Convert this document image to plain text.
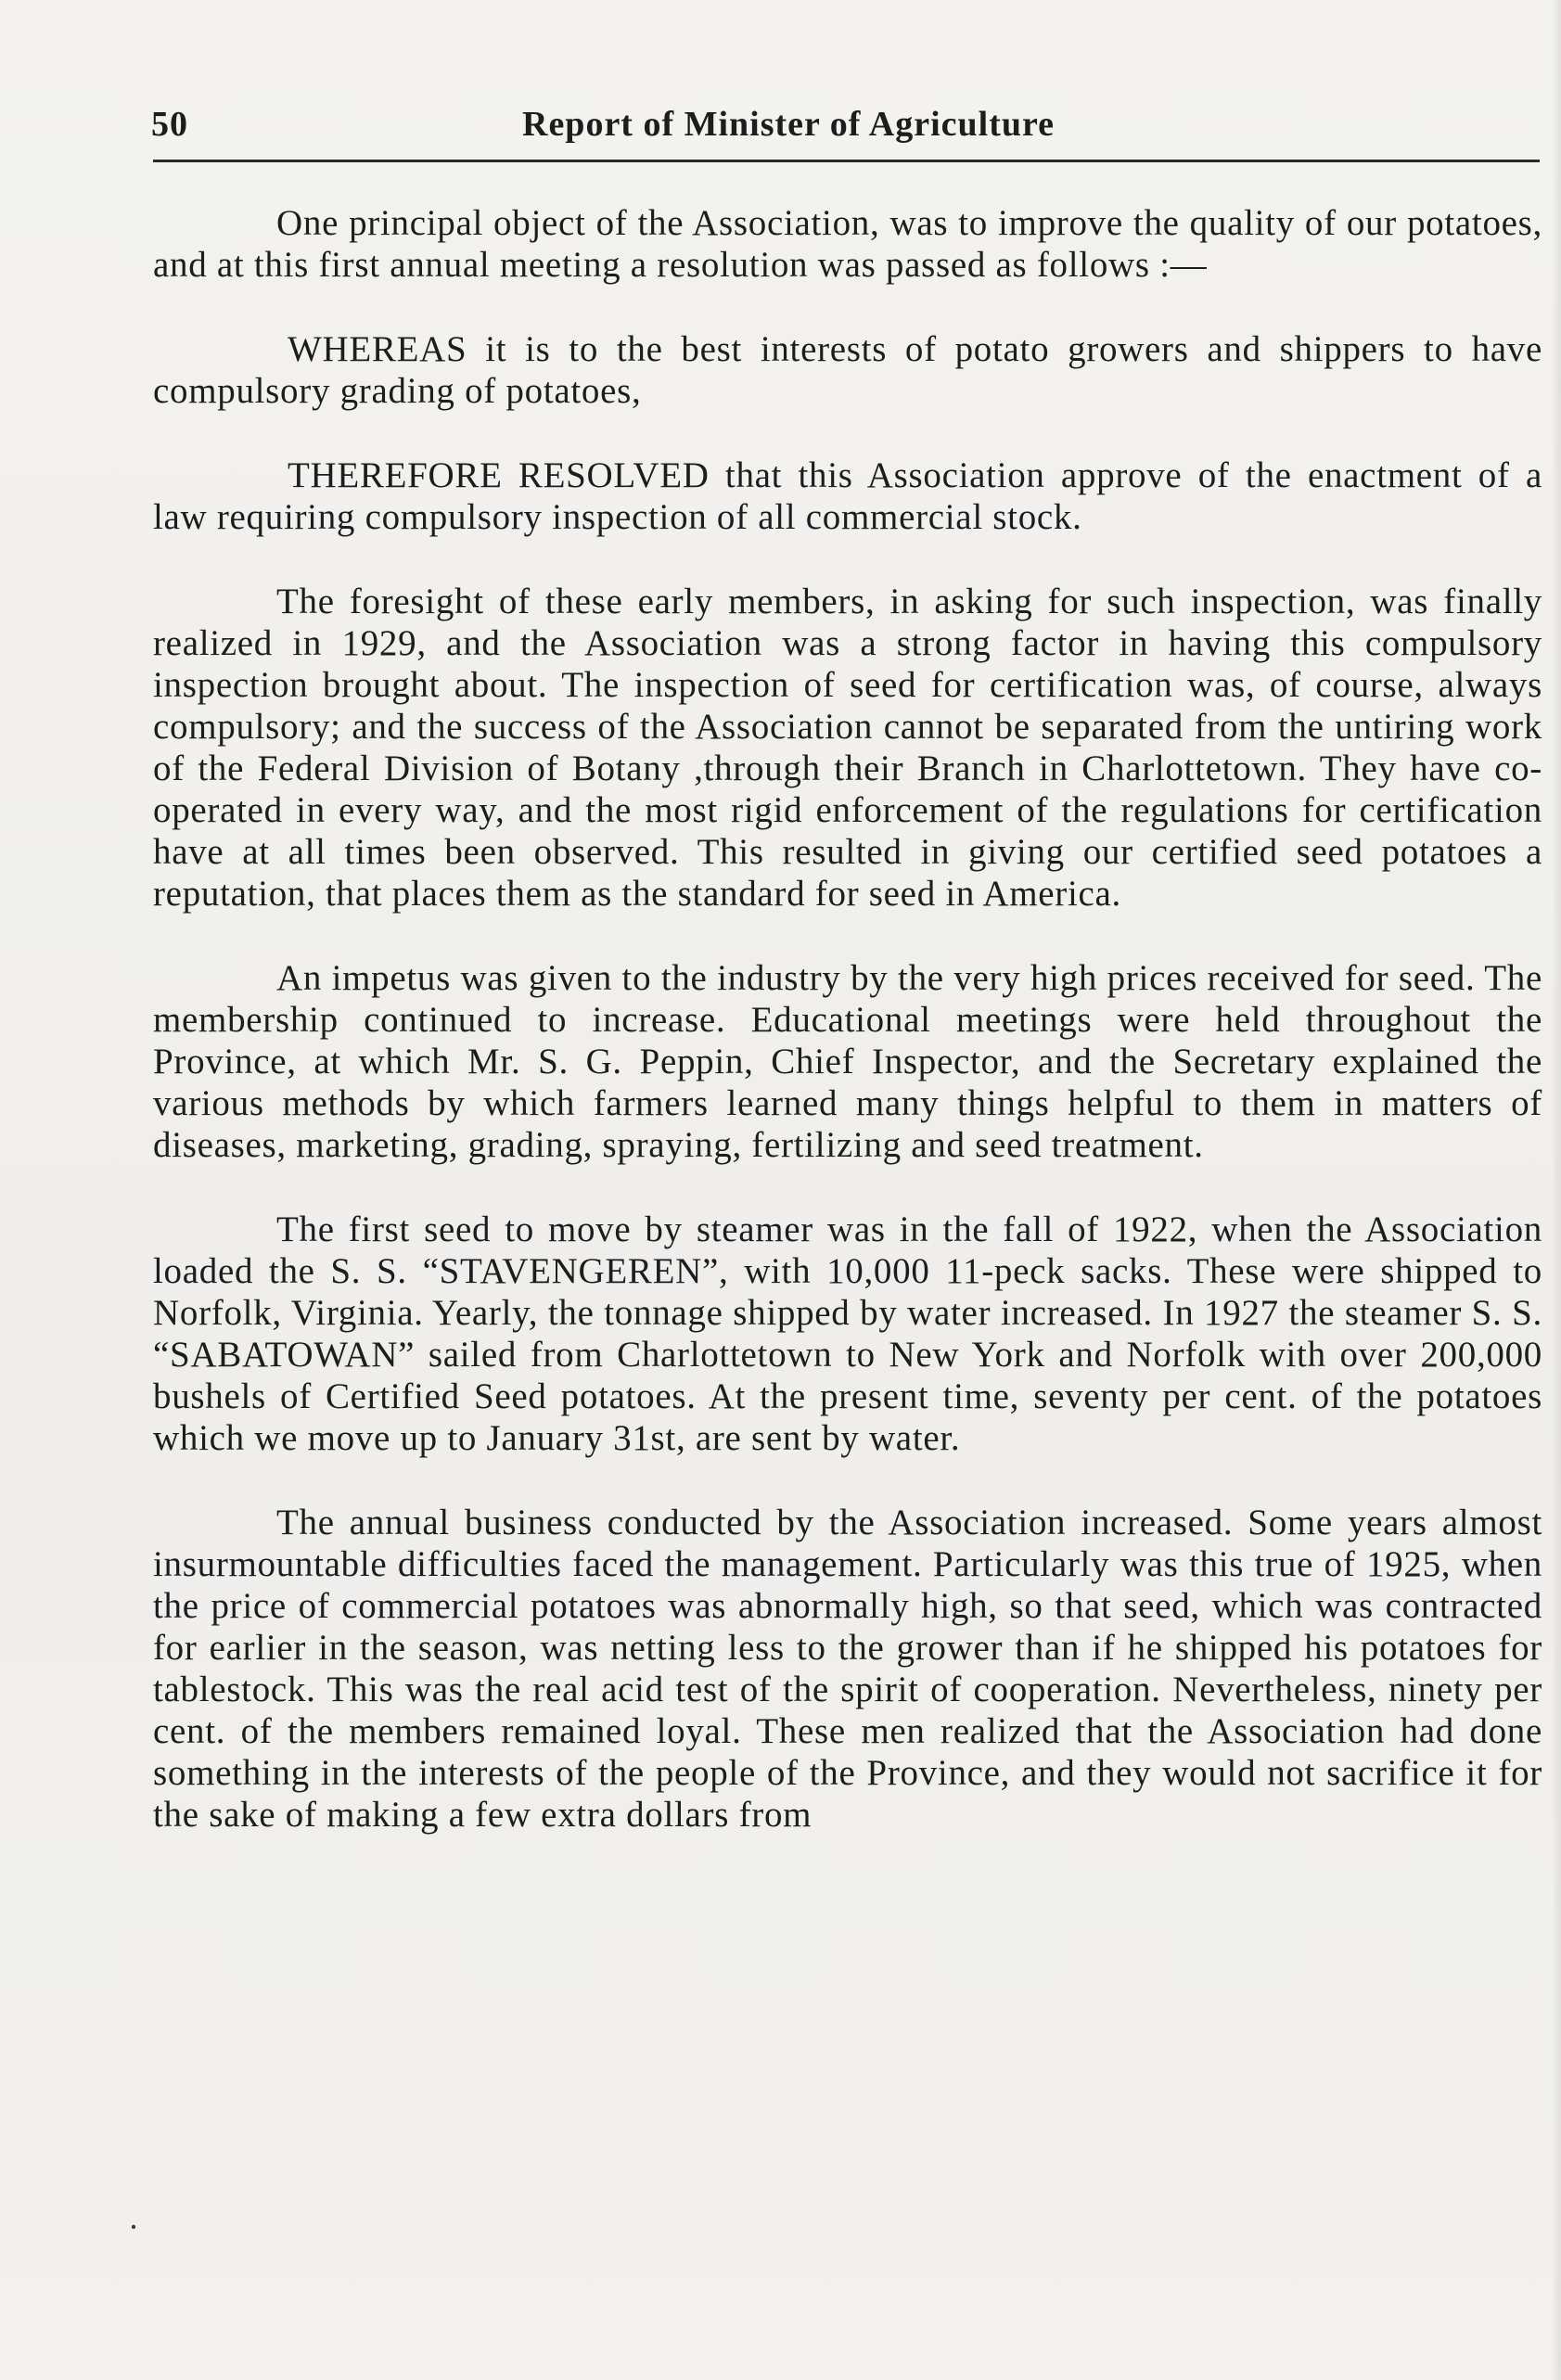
50	Report of Minister of Agriculture

One principal object of the Association, was to improve the quality of our potatoes, and at this first annual meeting a resolution was passed as follows :—

WHEREAS it is to the best interests of potato growers and shippers to have compulsory grading of potatoes,

THEREFORE RESOLVED that this Association approve of the enactment of a law requiring compulsory inspection of all commercial stock.

The foresight of these early members, in asking for such inspection, was finally realized in 1929, and the Association was a strong factor in having this compulsory inspection brought about. The inspection of seed for certification was, of course, always compulsory; and the success of the Association cannot be separated from the untiring work of the Federal Division of Botany ,through their Branch in Charlottetown. They have co-operated in every way, and the most rigid enforcement of the regulations for certification have at all times been observed. This resulted in giving our certified seed potatoes a reputation, that places them as the standard for seed in America.

An impetus was given to the industry by the very high prices received for seed. The membership continued to increase. Educational meetings were held throughout the Province, at which Mr. S. G. Peppin, Chief Inspector, and the Secretary explained the various methods by which farmers learned many things helpful to them in matters of diseases, marketing, grading, spraying, fertilizing and seed treatment.

The first seed to move by steamer was in the fall of 1922, when the Association loaded the S. S. “STAVENGEREN”, with 10,000 11-peck sacks. These were shipped to Norfolk, Virginia. Yearly, the tonnage shipped by water increased. In 1927 the steamer S. S. “SABATOWAN” sailed from Charlottetown to New York and Norfolk with over 200,000 bushels of Certified Seed potatoes. At the present time, seventy per cent. of the potatoes which we move up to January 31st, are sent by water.

The annual business conducted by the Association increased. Some years almost insurmountable difficulties faced the management. Particularly was this true of 1925, when the price of commercial potatoes was abnormally high, so that seed, which was contracted for earlier in the season, was netting less to the grower than if he shipped his potatoes for tablestock. This was the real acid test of the spirit of cooperation. Nevertheless, ninety per cent. of the members remained loyal. These men realized that the Association had done something in the interests of the people of the Province, and they would not sacrifice it for the sake of making a few extra dollars from

·
